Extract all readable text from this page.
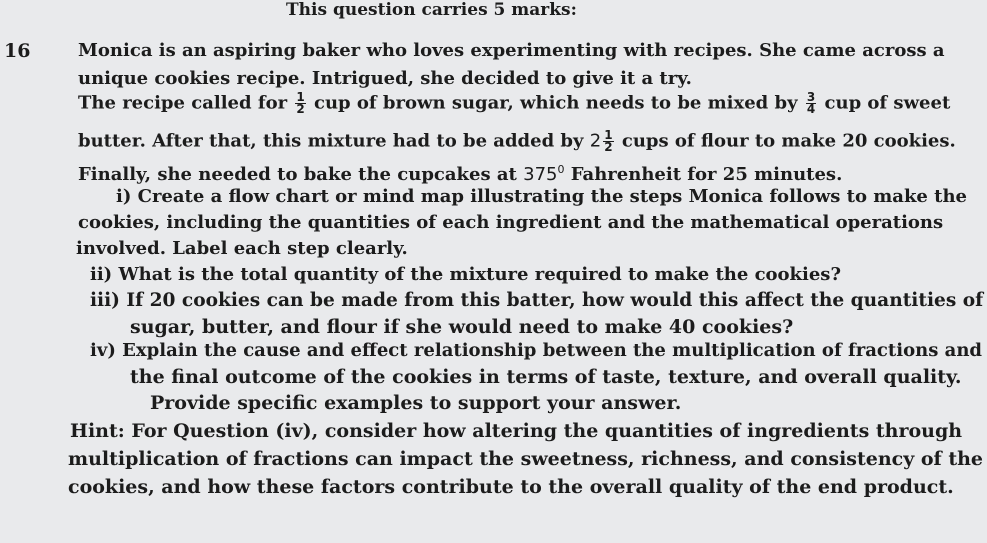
This question carries 5 marks:
16	Monica is an aspiring baker who loves experimenting with recipes. She came across a
unique cookies recipe. Intrigued, she decided to give it a try.
The recipe called for $\frac{1}{2}$ cup of brown sugar, which needs to be mixed by $\frac{3}{4}$ cup of sweet
butter. After that, this mixture had to be added by $2 \frac{1}{2}$ cups of flour to make 20 cookies.
Finally, she needed to bake the cupcakes at $375^0$ Fahrenheit for 25 minutes.
i) Create a flow chart or mind map illustrating the steps Monica follows to make the
cookies, including the quantities of each ingredient and the mathematical operations
involved. Label each step clearly.
ii) What is the total quantity of the mixture required to make the cookies?
iii) If 20 cookies can be made from this batter, how would this affect the quantities of
sugar, butter, and flour if she would need to make 40 cookies?
iv) Explain the cause and effect relationship between the multiplication of fractions and
the final outcome of the cookies in terms of taste, texture, and overall quality.
Provide specific examples to support your answer.
Hint: For Question (iv), consider how altering the quantities of ingredients through
multiplication of fractions can impact the sweetness, richness, and consistency of the
cookies, and how these factors contribute to the overall quality of the end product.
